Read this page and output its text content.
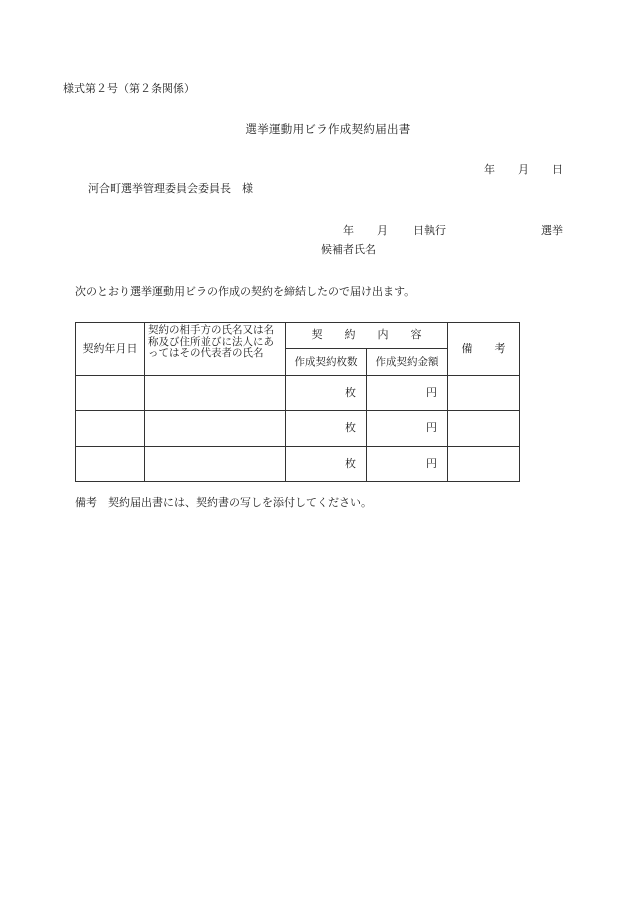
様式第２号（第２条関係）
選挙運動用ビラ作成契約届出書
年 月 日
河合町選挙管理委員会委員長　様
年 月 日執行	選挙
候補者氏名
次のとおり選挙運動用ビラの作成の契約を締結したので届け出ます。
契約年月日	契約の相手方の氏名又は名称及び住所並びに法人にあってはその代表者の氏名	契　　約　　内　　容		備　　考
		作成契約枚数	作成契約金額	
		枚	円	
		枚	円	
		枚	円	
備考　契約届出書には、契約書の写しを添付してください。
